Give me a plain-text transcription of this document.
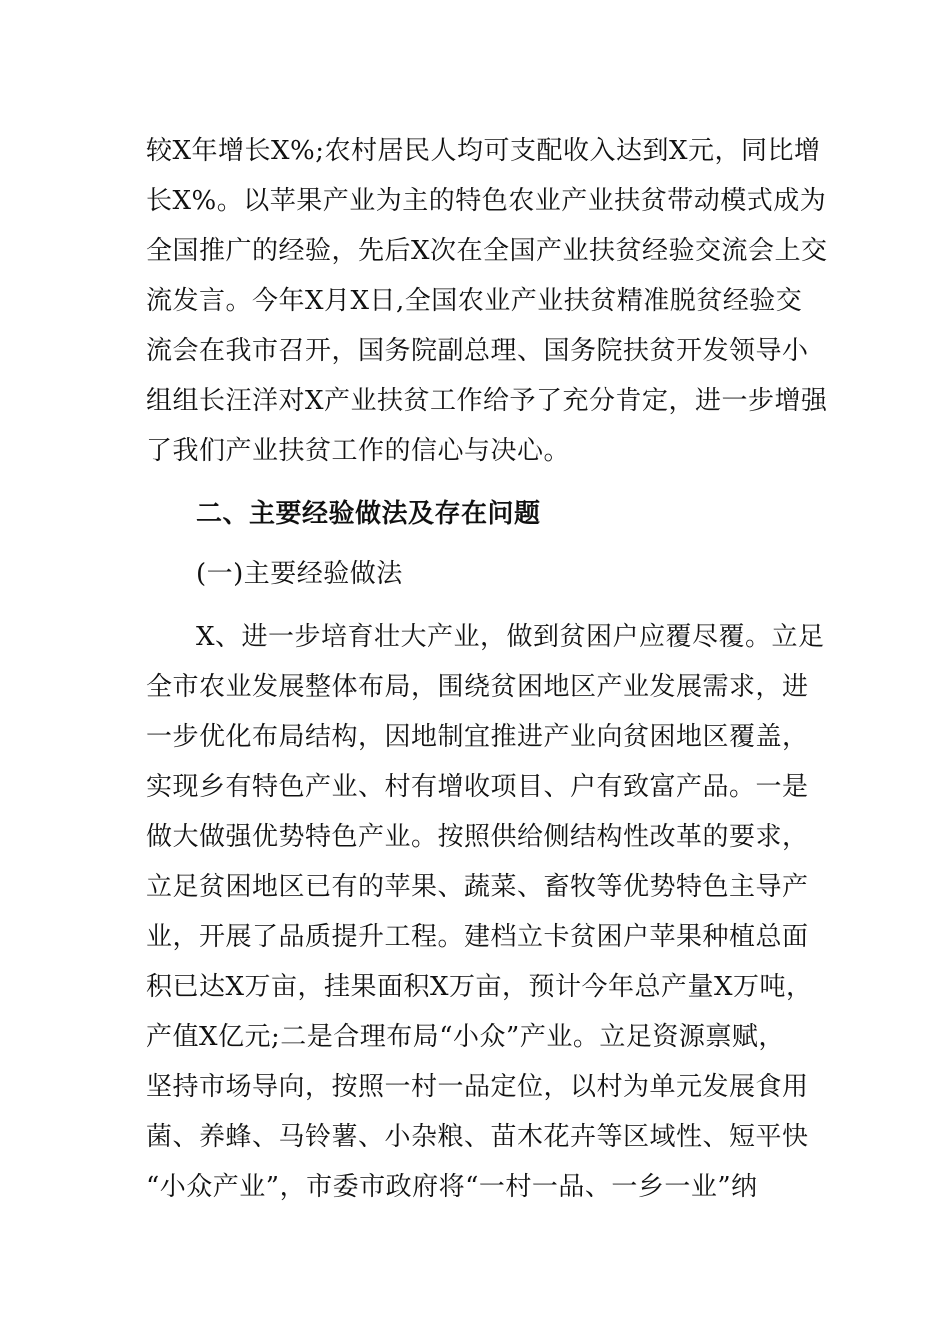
较X年增长X%;农村居民人均可支配收入达到X元，同比增
长X%。以苹果产业为主的特色农业产业扶贫带动模式成为
全国推广的经验，先后X次在全国产业扶贫经验交流会上交
流发言。今年X月X日,全国农业产业扶贫精准脱贫经验交
流会在我市召开，国务院副总理、国务院扶贫开发领导小
组组长汪洋对X产业扶贫工作给予了充分肯定，进一步增强
了我们产业扶贫工作的信心与决心。
二、主要经验做法及存在问题
(一)主要经验做法
X、进一步培育壮大产业，做到贫困户应覆尽覆。立足
全市农业发展整体布局，围绕贫困地区产业发展需求，进
一步优化布局结构，因地制宜推进产业向贫困地区覆盖，
实现乡有特色产业、村有增收项目、户有致富产品。一是
做大做强优势特色产业。按照供给侧结构性改革的要求，
立足贫困地区已有的苹果、蔬菜、畜牧等优势特色主导产
业，开展了品质提升工程。建档立卡贫困户苹果种植总面
积已达X万亩，挂果面积X万亩，预计今年总产量X万吨，
产值X亿元;二是合理布局“小众”产业。立足资源禀赋，
坚持市场导向，按照一村一品定位，以村为单元发展食用
菌、养蜂、马铃薯、小杂粮、苗木花卉等区域性、短平快
“小众产业”，市委市政府将“一村一品、一乡一业”纳
